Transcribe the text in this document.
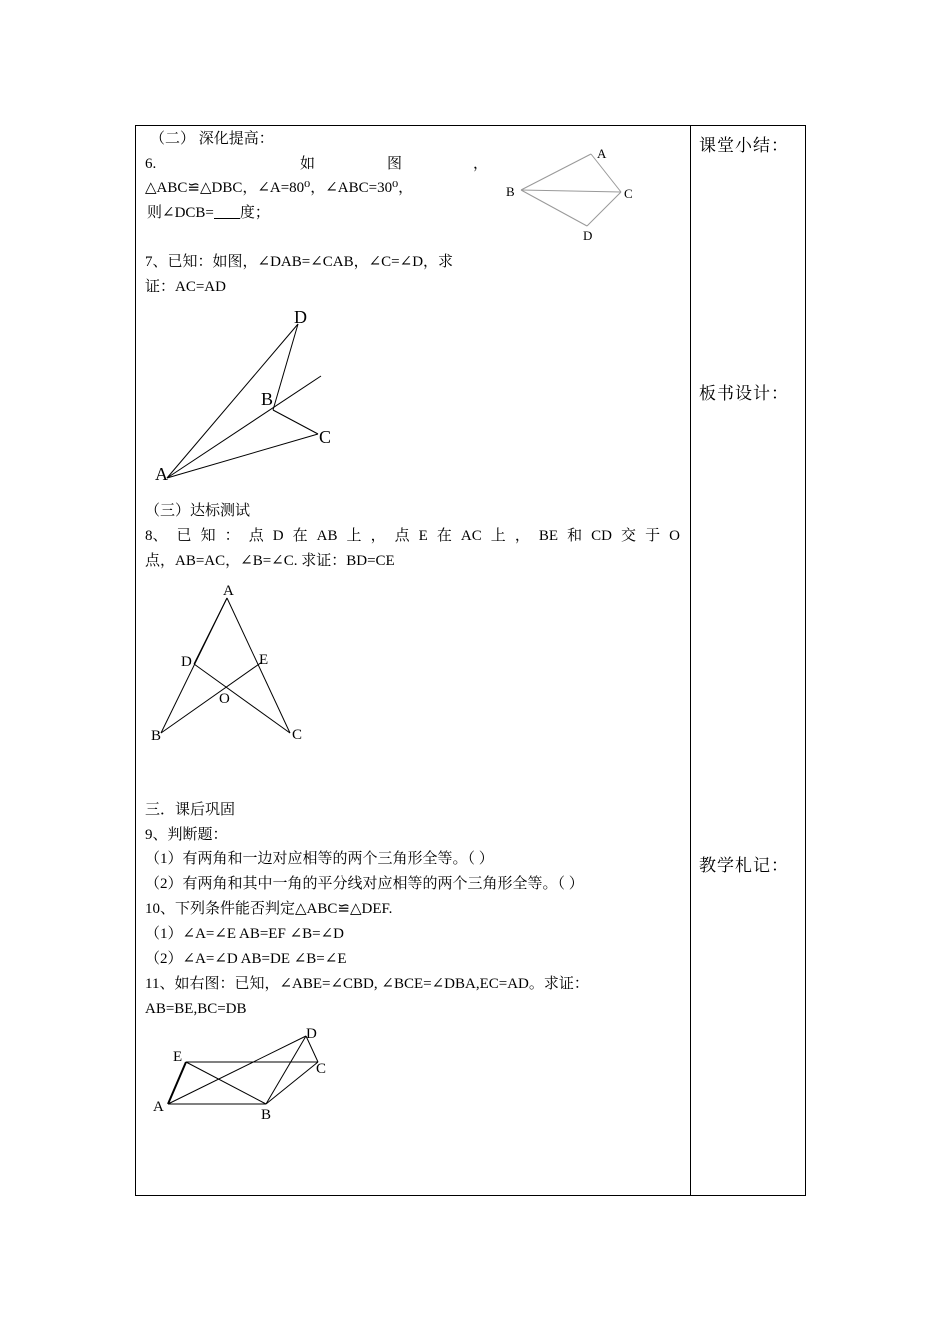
课堂小结：
板书设计：
教学札记：
（二） 深化提高：
6.	如	图	，
△ABC≌△DBC，∠A=80⁰，∠ABC=30⁰，
则∠DCB= 度；
A
B	C
D
7、已知：如图，∠DAB=∠CAB，∠C=∠D，求
证：AC=AD
A
B
C
D
（三）达标测试
8、 已 知 ： 点 D 在 AB 上 ， 点 E 在 AC 上 ， BE 和 CD 交 于 O
点，AB=AC，∠B=∠C. 求证：BD=CE
A
D	E
O
B	C
三．课后巩固
9、判断题：
（1）有两角和一边对应相等的两个三角形全等。（ ）
（2）有两角和其中一角的平分线对应相等的两个三角形全等。（ ）
10、下列条件能否判定△ABC≌△DEF.
（1）∠A=∠E AB=EF ∠B=∠D
（2）∠A=∠D AB=DE ∠B=∠E
11、如右图：已知，∠ABE=∠CBD, ∠BCE=∠DBA,EC=AD。求证：
AB=BE,BC=DB
A	B
C
D
E
